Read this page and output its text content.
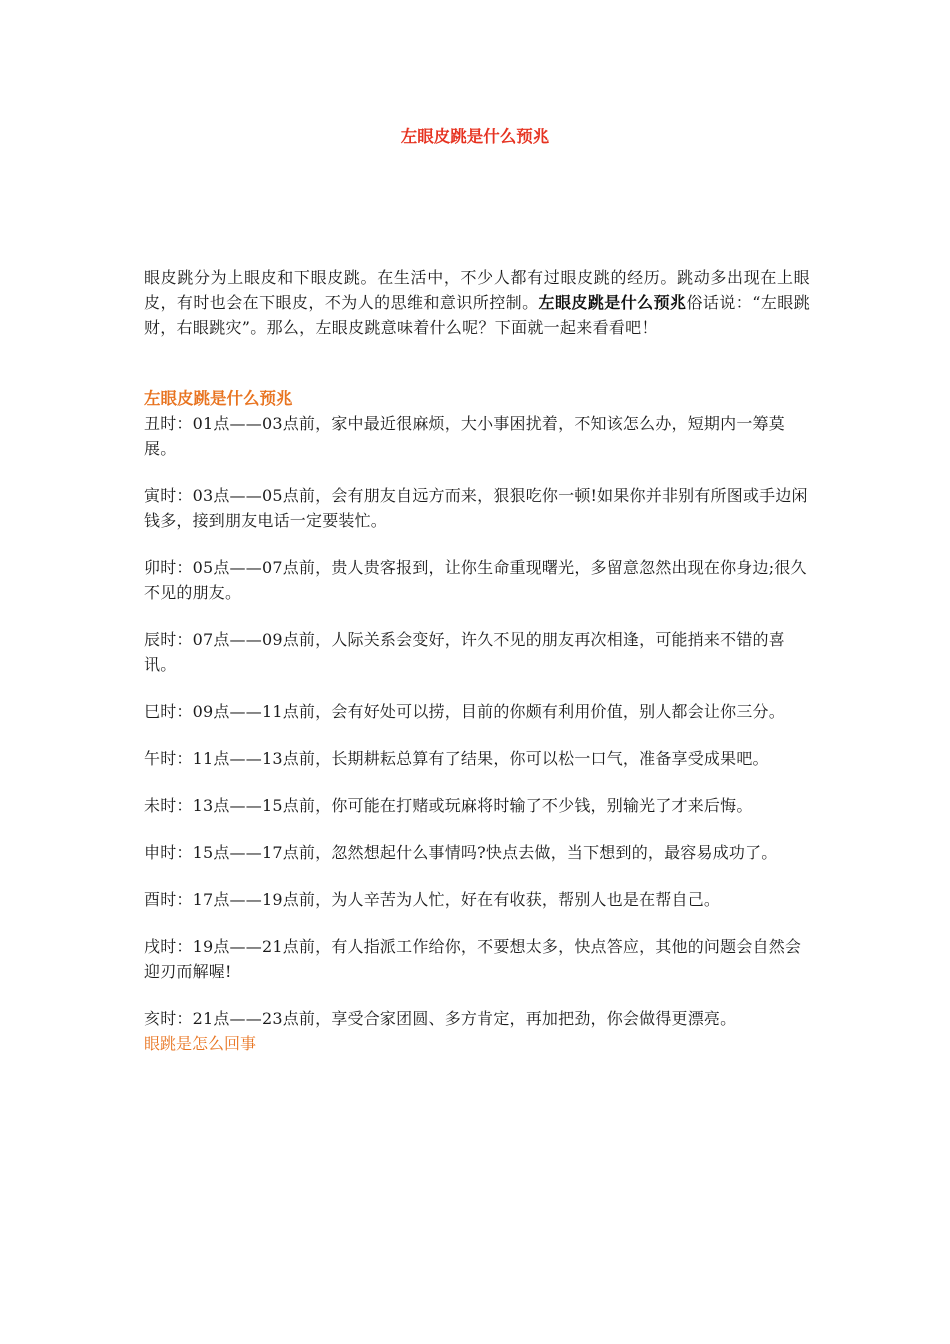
左眼皮跳是什么预兆

眼皮跳分为上眼皮和下眼皮跳。在生活中，不少人都有过眼皮跳的经历。跳动多出现在上眼皮，有时也会在下眼皮，不为人的思维和意识所控制。左眼皮跳是什么预兆俗话说：“左眼跳财，右眼跳灾”。那么，左眼皮跳意味着什么呢？下面就一起来看看吧！

左眼皮跳是什么预兆

丑时：01点——03点前，家中最近很麻烦，大小事困扰着，不知该怎么办，短期内一筹莫展。

寅时：03点——05点前，会有朋友自远方而来，狠狠吃你一顿!如果你并非别有所图或手边闲钱多，接到朋友电话一定要装忙。

卯时：05点——07点前，贵人贵客报到，让你生命重现曙光，多留意忽然出现在你身边;很久不见的朋友。

辰时：07点——09点前，人际关系会变好，许久不见的朋友再次相逢，可能捎来不错的喜讯。

巳时：09点——11点前，会有好处可以捞，目前的你颇有利用价值，别人都会让你三分。

午时：11点——13点前，长期耕耘总算有了结果，你可以松一口气，准备享受成果吧。

未时：13点——15点前，你可能在打赌或玩麻将时输了不少钱，别输光了才来后悔。

申时：15点——17点前，忽然想起什么事情吗?快点去做，当下想到的，最容易成功了。

酉时：17点——19点前，为人辛苦为人忙，好在有收获，帮别人也是在帮自己。

戌时：19点——21点前，有人指派工作给你，不要想太多，快点答应，其他的问题会自然会迎刃而解喔!

亥时：21点——23点前，享受合家团圆、多方肯定，再加把劲，你会做得更漂亮。

眼跳是怎么回事
